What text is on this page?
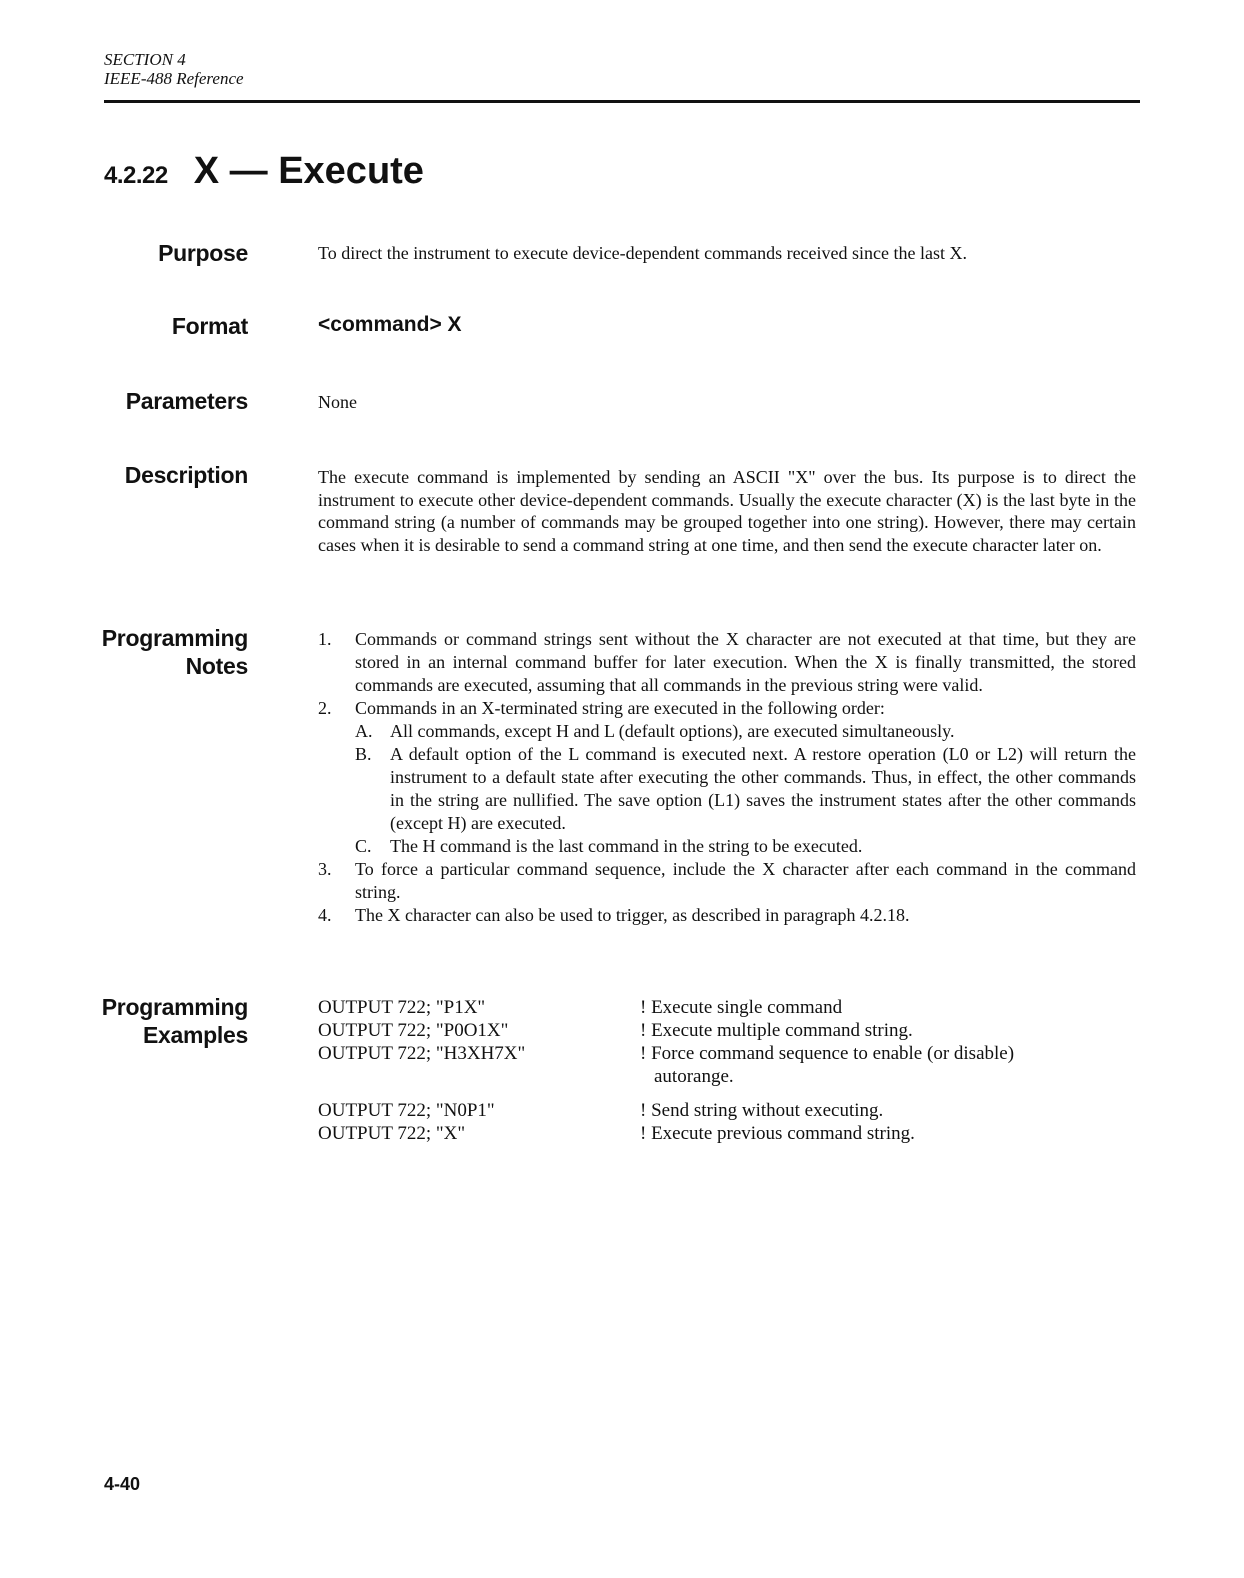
SECTION 4
IEEE-488 Reference
4.2.22 X — Execute
Purpose	To direct the instrument to execute device-dependent commands received since the last X.
Format	<command> X
Parameters	None
Description	The execute command is implemented by sending an ASCII "X" over the bus. Its purpose is to direct the instrument to execute other device-dependent commands. Usually the execute character (X) is the last byte in the command string (a number of commands may be grouped together into one string). However, there may certain cases when it is desirable to send a command string at one time, and then send the execute character later on.
Programming
Notes
1. Commands or command strings sent without the X character are not executed at that time, but they are stored in an internal command buffer for later execution. When the X is finally transmitted, the stored commands are executed, assuming that all commands in the previous string were valid.
2. Commands in an X-terminated string are executed in the following order:
A. All commands, except H and L (default options), are executed simultaneously.
B. A default option of the L command is executed next. A restore operation (L0 or L2) will return the instrument to a default state after executing the other commands. Thus, in effect, the other commands in the string are nullified. The save option (L1) saves the instrument states after the other commands (except H) are executed.
C. The H command is the last command in the string to be executed.
3. To force a particular command sequence, include the X character after each command in the command string.
4. The X character can also be used to trigger, as described in paragraph 4.2.18.
Programming
Examples
OUTPUT 722; "P1X"	! Execute single command
OUTPUT 722; "P0O1X"	! Execute multiple command string.
OUTPUT 722; "H3XH7X"	! Force command sequence to enable (or disable)
autorange.
OUTPUT 722; "N0P1"	! Send string without executing.
OUTPUT 722; "X"	! Execute previous command string.
4-40
